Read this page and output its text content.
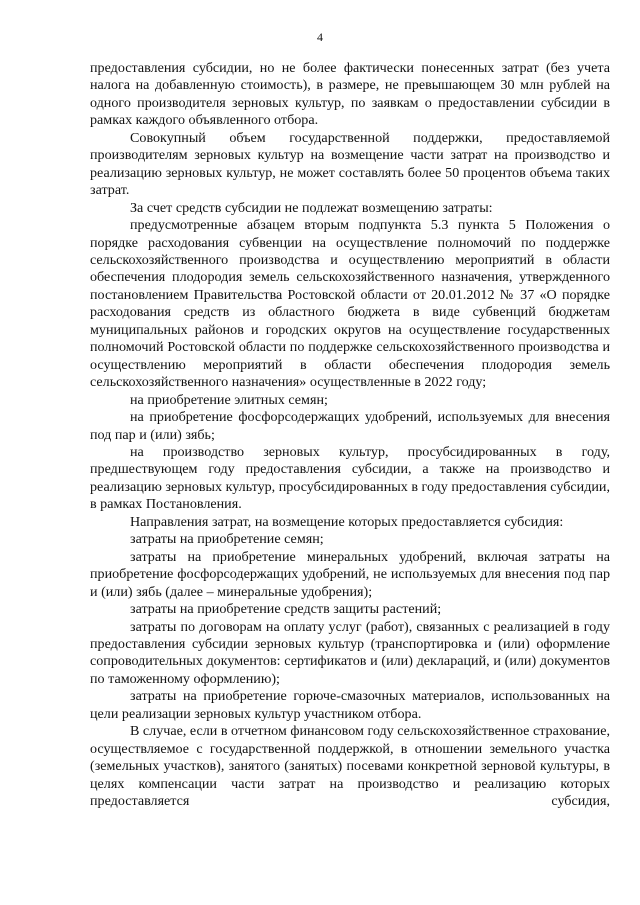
4

предоставления субсидии, но не более фактически понесенных затрат (без учета налога на добавленную стоимость), в размере, не превышающем 30 млн рублей на одного производителя зерновых культур, по заявкам о предоставлении субсидии в рамках каждого объявленного отбора.

Совокупный объем государственной поддержки, предоставляемой производителям зерновых культур на возмещение части затрат на производство и реализацию зерновых культур, не может составлять более 50 процентов объема таких затрат.

За счет средств субсидии не подлежат возмещению затраты:

предусмотренные абзацем вторым подпункта 5.3 пункта 5 Положения о порядке расходования субвенции на осуществление полномочий по поддержке сельскохозяйственного производства и осуществлению мероприятий в области обеспечения плодородия земель сельскохозяйственного назначения, утвержденного постановлением Правительства Ростовской области от 20.01.2012 № 37 «О порядке расходования средств из областного бюджета в виде субвенций бюджетам муниципальных районов и городских округов на осуществление государственных полномочий Ростовской области по поддержке сельскохозяйственного производства и осуществлению мероприятий в области обеспечения плодородия земель сельскохозяйственного назначения» осуществленные в 2022 году;

на приобретение элитных семян;

на приобретение фосфорсодержащих удобрений, используемых для внесения под пар и (или) зябь;

на производство зерновых культур, просубсидированных в году, предшествующем году предоставления субсидии, а также на производство и реализацию зерновых культур, просубсидированных в году предоставления субсидии, в рамках Постановления.

Направления затрат, на возмещение которых предоставляется субсидия:

затраты на приобретение семян;

затраты на приобретение минеральных удобрений, включая затраты на приобретение фосфорсодержащих удобрений, не используемых для внесения под пар и (или) зябь (далее – минеральные удобрения);

затраты на приобретение средств защиты растений;

затраты по договорам на оплату услуг (работ), связанных с реализацией в году предоставления субсидии зерновых культур (транспортировка и (или) оформление сопроводительных документов: сертификатов и (или) деклараций, и (или) документов по таможенному оформлению);

затраты на приобретение горюче-смазочных материалов, использованных на цели реализации зерновых культур участником отбора.

В случае, если в отчетном финансовом году сельскохозяйственное страхование, осуществляемое с государственной поддержкой, в отношении земельного участка (земельных участков), занятого (занятых) посевами конкретной зерновой культуры, в целях компенсации части затрат на производство и реализацию которых предоставляется субсидия,
